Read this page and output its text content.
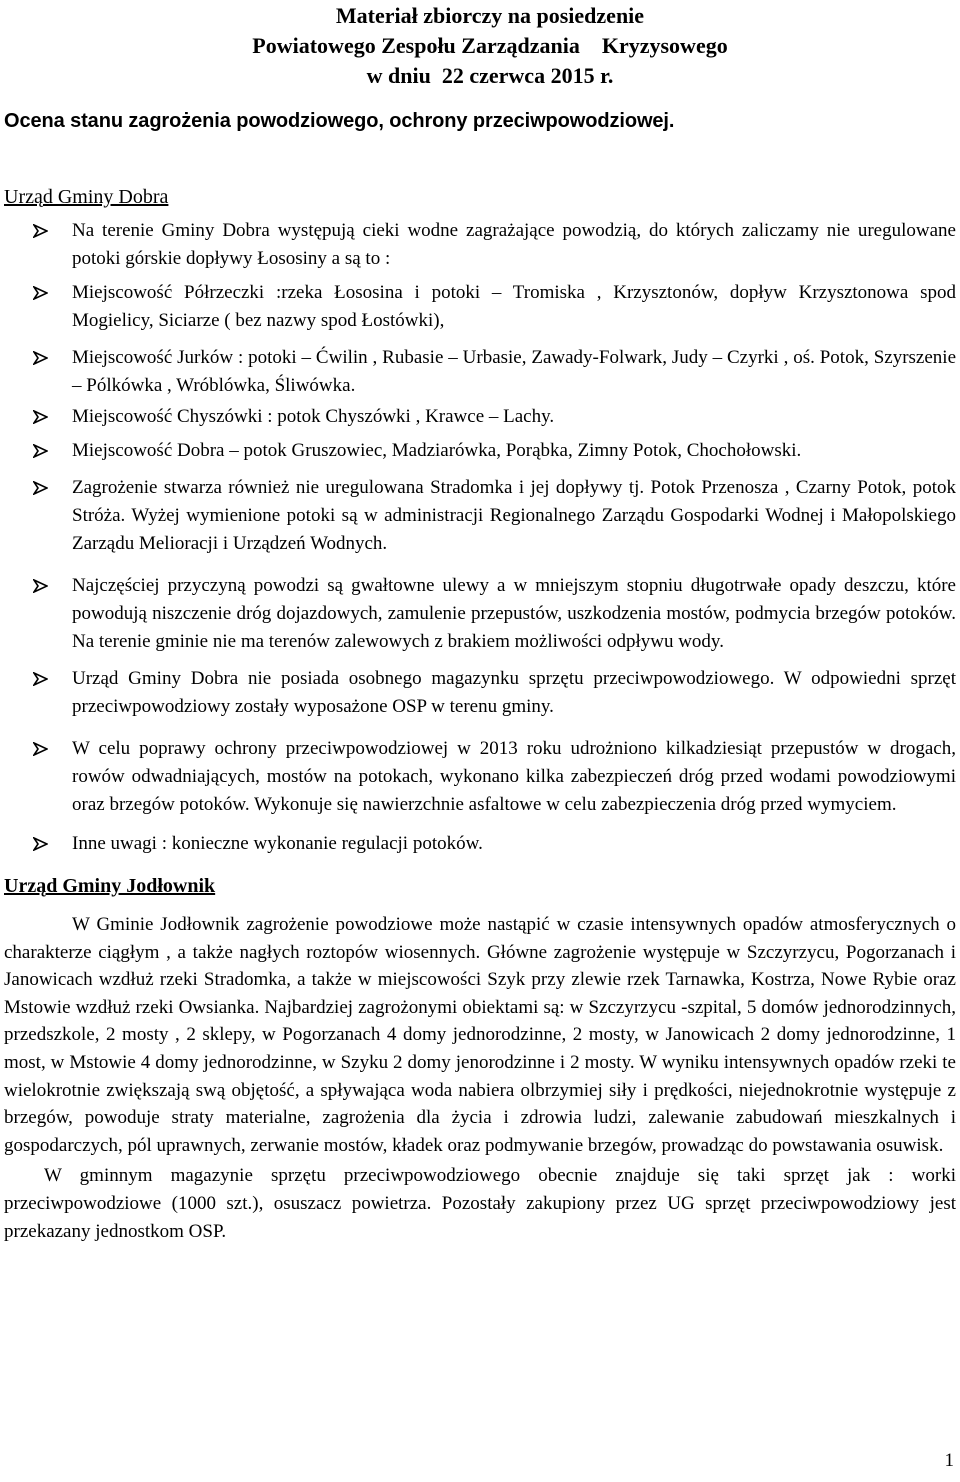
Materiał zbiorczy na posiedzenie
Powiatowego Zespołu Zarządzania    Kryzysowego
w dniu  22 czerwca 2015 r.
Ocena stanu zagrożenia powodziowego, ochrony przeciwpowodziowej.
Urząd Gminy Dobra
Na terenie Gminy Dobra występują cieki wodne zagrażające powodzią, do których zaliczamy nie uregulowane potoki górskie dopływy Łososiny a są to :
Miejscowość Półrzeczki :rzeka Łososina i potoki – Tromiska , Krzysztonów, dopływ Krzysztonowa spod Mogielicy, Siciarze ( bez nazwy spod Łostówki),
Miejscowość Jurków : potoki – Ćwilin , Rubasie – Urbasie, Zawady-Folwark, Judy – Czyrki , oś. Potok, Szyrszenie – Pólkówka , Wróblówka, Śliwówka.
Miejscowość Chyszówki : potok Chyszówki , Krawce – Lachy.
Miejscowość Dobra – potok Gruszowiec, Madziarówka, Porąbka, Zimny Potok, Chochołowski.
Zagrożenie stwarza również nie uregulowana Stradomka i jej dopływy tj. Potok Przenosza , Czarny Potok, potok Stróża. Wyżej wymienione potoki są w administracji Regionalnego Zarządu Gospodarki Wodnej i Małopolskiego Zarządu Melioracji i Urządzeń Wodnych.
Najczęściej przyczyną powodzi są gwałtowne ulewy a w mniejszym stopniu długotrwałe opady deszczu, które powodują niszczenie dróg dojazdowych, zamulenie przepustów, uszkodzenia mostów, podmycia brzegów potoków. Na terenie gminie nie ma terenów zalewowych z brakiem możliwości odpływu wody.
Urząd Gminy Dobra nie posiada osobnego magazynku sprzętu przeciwpowodziowego. W odpowiedni sprzęt przeciwpowodziowy zostały wyposażone OSP w terenu gminy.
W celu poprawy ochrony przeciwpowodziowej w 2013 roku udrożniono kilkadziesiąt przepustów w drogach, rowów odwadniających, mostów na potokach, wykonano kilka zabezpieczeń dróg przed wodami powodziowymi oraz brzegów potoków. Wykonuje się nawierzchnie asfaltowe w celu zabezpieczenia dróg przed wymyciem.
Inne uwagi : konieczne wykonanie regulacji potoków.
Urząd Gminy Jodłownik

W Gminie Jodłownik zagrożenie powodziowe może nastąpić w czasie intensywnych opadów atmosferycznych o charakterze ciągłym , a także nagłych roztopów wiosennych. Główne zagrożenie występuje w Szczyrzycu, Pogorzanach i Janowicach wzdłuż rzeki Stradomka, a także w miejscowości Szyk przy zlewie rzek Tarnawka, Kostrza, Nowe Rybie oraz Mstowie wzdłuż rzeki Owsianka. Najbardziej zagrożonymi obiektami są: w Szczyrzycu -szpital, 5 domów jednorodzinnych, przedszkole, 2 mosty , 2 sklepy, w Pogorzanach 4 domy jednorodzinne, 2 mosty, w Janowicach 2 domy jednorodzinne, 1 most, w Mstowie 4 domy jednorodzinne, w Szyku 2 domy jenorodzinne i 2 mosty. W wyniku intensywnych opadów rzeki te wielokrotnie zwiększają swą objętość, a spływająca woda nabiera olbrzymiej siły i prędkości, niejednokrotnie występuje z brzegów, powoduje straty materialne, zagrożenia dla życia i zdrowia ludzi, zalewanie zabudowań mieszkalnych i gospodarczych, pól uprawnych, zerwanie mostów, kładek oraz podmywanie brzegów, prowadząc do powstawania osuwisk.

W gminnym magazynie sprzętu przeciwpowodziowego obecnie znajduje się taki sprzęt jak : worki przeciwpowodziowe (1000 szt.), osuszacz powietrza. Pozostały zakupiony przez UG sprzęt przeciwpowodziowy jest przekazany jednostkom OSP.

1
